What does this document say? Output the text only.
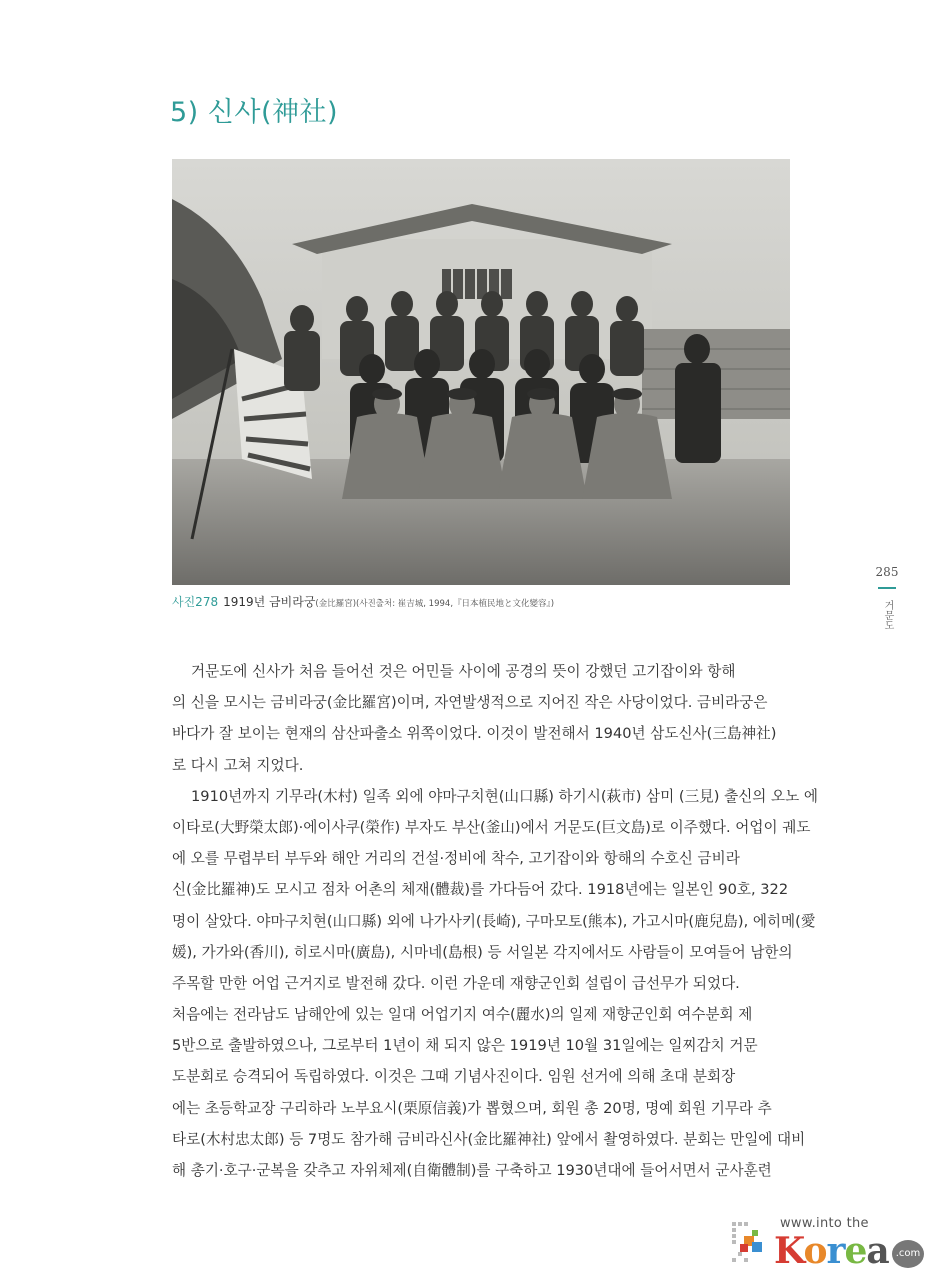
5) 신사(神社)
사진278 1919년 금비라궁(金比羅宮)(사진출처: 崔吉城, 1994,『日本植民地と文化變容』)
285
거문도
거문도에 신사가 처음 들어선 것은 어민들 사이에 공경의 뜻이 강했던 고기잡이와 항해
의 신을 모시는 금비라궁(金比羅宮)이며, 자연발생적으로 지어진 작은 사당이었다. 금비라궁은
바다가 잘 보이는 현재의 삼산파출소 위쪽이었다. 이것이 발전해서 1940년 삼도신사(三島神社)
로 다시 고쳐 지었다.
1910년까지 기무라(木村) 일족 외에 야마구치현(山口縣) 하기시(萩市) 삼미 (三見) 출신의 오노 에
이타로(大野榮太郎)·에이사쿠(榮作) 부자도 부산(釜山)에서 거문도(巨文島)로 이주했다. 어업이 궤도
에 오를 무렵부터 부두와 해안 거리의 건설·정비에 착수, 고기잡이와 항해의 수호신 금비라
신(金比羅神)도 모시고 점차 어촌의 체재(體裁)를 가다듬어 갔다. 1918년에는 일본인 90호, 322
명이 살았다. 야마구치현(山口縣) 외에 나가사키(長崎), 구마모토(熊本), 가고시마(鹿兒島), 에히메(愛
媛), 가가와(香川), 히로시마(廣島), 시마네(島根) 등 서일본 각지에서도 사람들이 모여들어 남한의
주목할 만한 어업 근거지로 발전해 갔다. 이런 가운데 재향군인회 설립이 급선무가 되었다.
처음에는 전라남도 남해안에 있는 일대 어업기지 여수(麗水)의 일제 재향군인회 여수분회 제
5반으로 출발하였으나, 그로부터 1년이 채 되지 않은 1919년 10월 31일에는 일찌감치 거문
도분회로 승격되어 독립하였다. 이것은 그때 기념사진이다. 임원 선거에 의해 초대 분회장
에는 초등학교장 구리하라 노부요시(栗原信義)가 뽑혔으며, 회원 총 20명, 명예 회원 기무라 추
타로(木村忠太郎) 등 7명도 참가해 금비라신사(金比羅神社) 앞에서 촬영하였다. 분회는 만일에 대비
해 총기·호구·군복을 갖추고 자위체제(自衛體制)를 구축하고 1930년대에 들어서면서 군사훈련
www.into the
Korea .com
